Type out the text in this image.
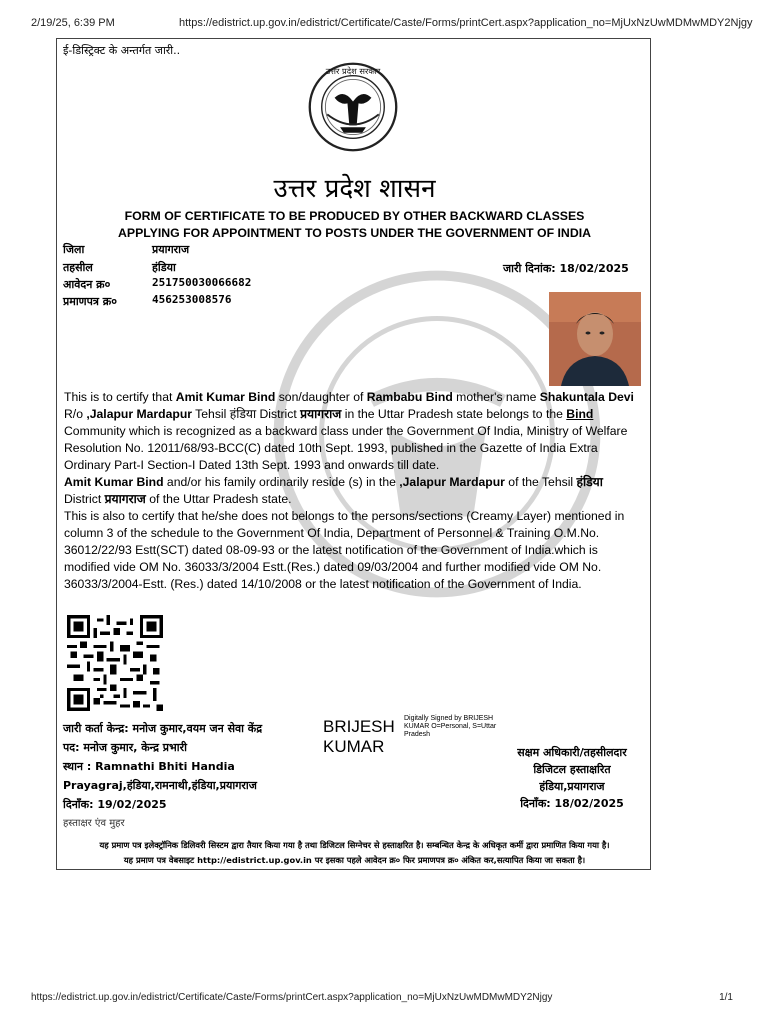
2/19/25, 6:39 PM	https://edistrict.up.gov.in/edistrict/Certificate/Caste/Forms/printCert.aspx?application_no=MjUxNzUwMDMwMDY2Njgy
ई-डिस्ट्रिक्ट के अन्तर्गत जारी..
उत्तर प्रदेश सरकार
उत्तर प्रदेश शासन
FORM OF CERTIFICATE TO BE PRODUCED BY OTHER BACKWARD CLASSES
APPLYING FOR APPOINTMENT TO POSTS UNDER THE GOVERNMENT OF INDIA
जिला	प्रयागराज
तहसील	हंडिया
आवेदन क्र०	251750030066682
प्रमाणपत्र क्र०	456253008576
जारी दिनांक: 18/02/2025
This is to certify that Amit Kumar Bind son/daughter of Rambabu Bind mother's name Shakuntala Devi
R/o ,Jalapur Mardapur Tehsil हंडिया District प्रयागराज in the Uttar Pradesh state belongs to the Bind Community which is recognized as a backward class under the Government Of India, Ministry of Welfare Resolution No. 12011/68/93-BCC(C) dated 10th Sept. 1993, published in the Gazette of India Extra Ordinary Part-I Section-I Dated 13th Sept. 1993 and onwards till date.
Amit Kumar Bind and/or his family ordinarily reside (s) in the ,Jalapur Mardapur of the Tehsil हंडिया
District प्रयागराज of the Uttar Pradesh state.
This is also to certify that he/she does not belongs to the persons/sections (Creamy Layer) mentioned in column 3 of the schedule to the Government Of India, Department of Personnel & Training O.M.No. 36012/22/93 Estt(SCT) dated 08-09-93 or the latest notification of the Government of India.which is modified vide OM No. 36033/3/2004 Estt.(Res.) dated 09/03/2004 and further modified vide OM No. 36033/3/2004-Estt. (Res.) dated 14/10/2008 or the latest notification of the Government of India.
जारी कर्ता केन्द्र: मनोज कुमार,वयम जन सेवा केंद्र
पद: मनोज कुमार, केन्द्र प्रभारी
स्थान : Ramnathi Bhiti Handia
Prayagraj,हंडिया,रामनाथी,हंडिया,प्रयागराज
दिनाँक: 19/02/2025
हस्ताक्षर एंव मुहर
BRIJESH
KUMAR
Digitally Signed by BRIJESH KUMAR O=Personal, S=Uttar Pradesh
सक्षम अधिकारी/तहसीलदार
डिजिटल हस्ताक्षरित
हंडिया,प्रयागराज
दिनाँक: 18/02/2025
यह प्रमाण पत्र इलेक्ट्रॉनिक डिलिवरी सिस्टम द्वारा तैयार किया गया है तथा डिजिटल सिग्नेचर से हस्ताक्षरित है। सम्बन्धित केन्द्र के अधिकृत कर्मी द्वारा प्रमाणित किया गया है।
यह प्रमाण पत्र वेबसाइट http://edistrict.up.gov.in पर इसका पहले आवेदन क्र० फिर प्रमाणपत्र क्र० अंकित कर,सत्यापित किया जा सकता है।
https://edistrict.up.gov.in/edistrict/Certificate/Caste/Forms/printCert.aspx?application_no=MjUxNzUwMDMwMDY2Njgy	1/1
